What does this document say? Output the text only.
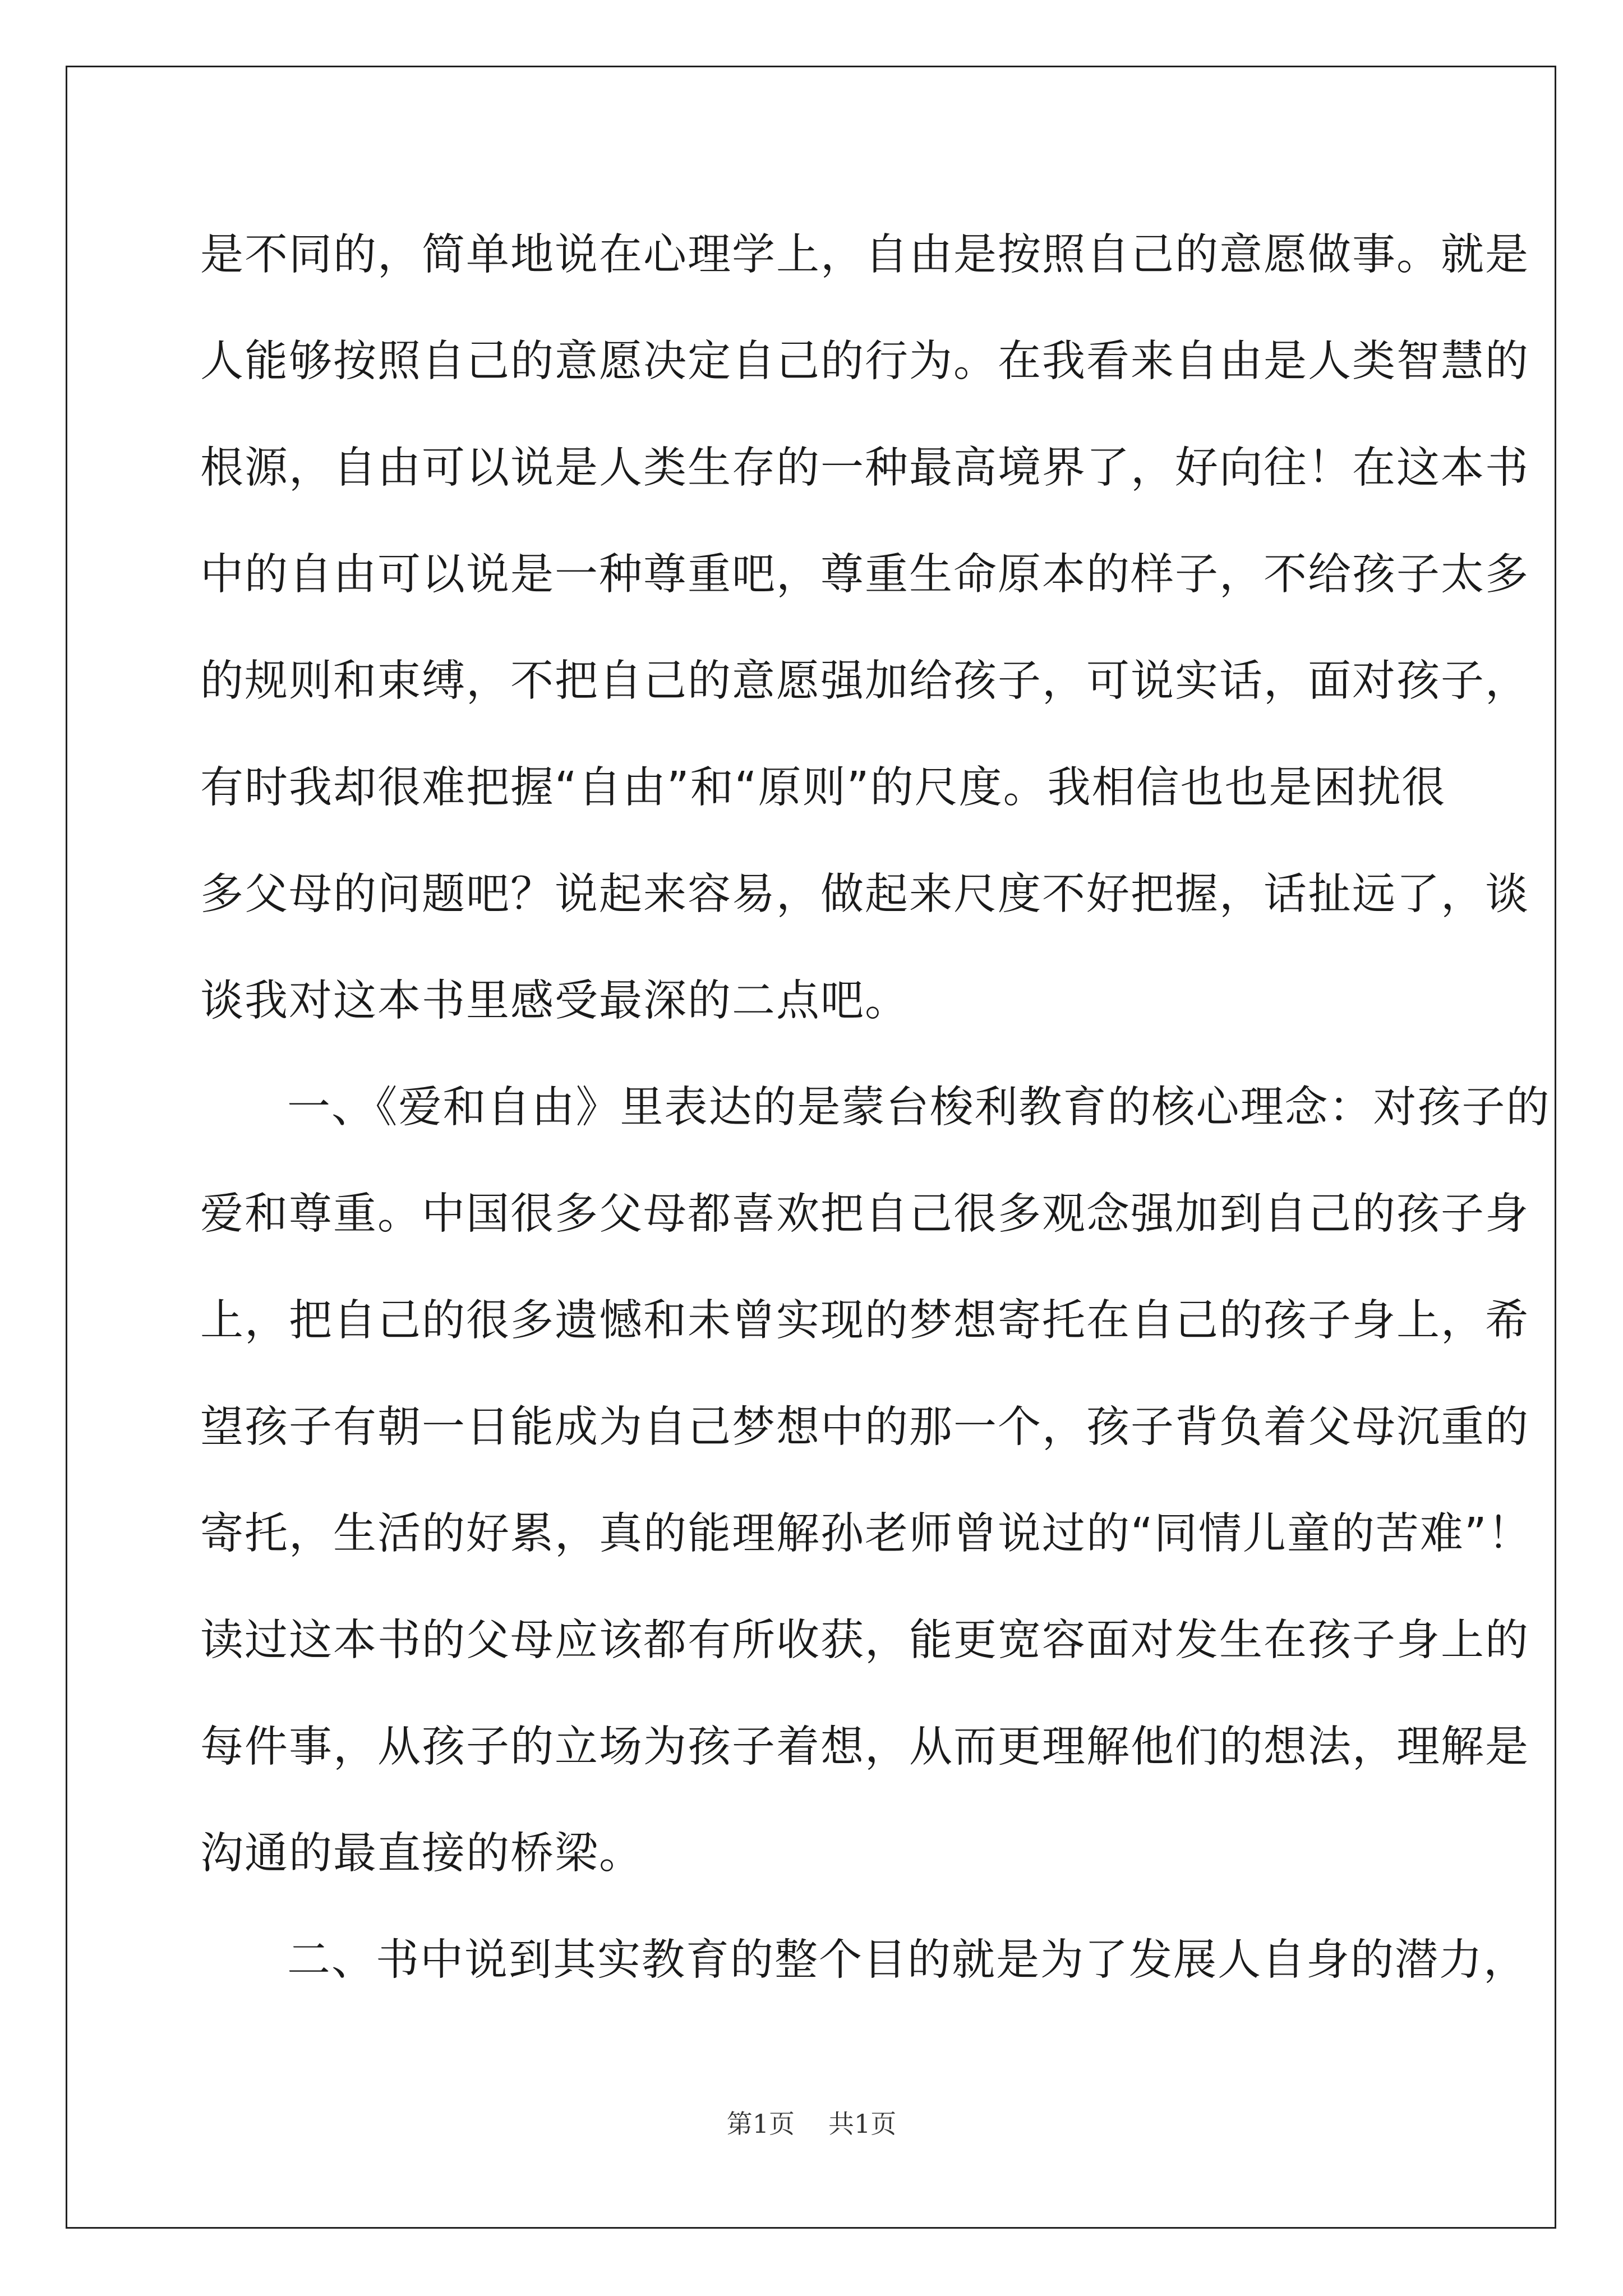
是不同的，简单地说在心理学上，自由是按照自己的意愿做事。就是
人能够按照自己的意愿决定自己的行为。在我看来自由是人类智慧的
根源，自由可以说是人类生存的一种最高境界了，好向往！在这本书
中的自由可以说是一种尊重吧，尊重生命原本的样子，不给孩子太多
的规则和束缚，不把自己的意愿强加给孩子，可说实话，面对孩子，
有时我却很难把握“自由”和“原则”的尺度。我相信也也是困扰很
多父母的问题吧？说起来容易，做起来尺度不好把握，话扯远了，谈
谈我对这本书里感受最深的二点吧。
一、《爱和自由》里表达的是蒙台梭利教育的核心理念：对孩子的
爱和尊重。中国很多父母都喜欢把自己很多观念强加到自己的孩子身
上，把自己的很多遗憾和未曾实现的梦想寄托在自己的孩子身上，希
望孩子有朝一日能成为自己梦想中的那一个，孩子背负着父母沉重的
寄托，生活的好累，真的能理解孙老师曾说过的“同情儿童的苦难”！
读过这本书的父母应该都有所收获，能更宽容面对发生在孩子身上的
每件事，从孩子的立场为孩子着想，从而更理解他们的想法，理解是
沟通的最直接的桥梁。
二、书中说到其实教育的整个目的就是为了发展人自身的潜力，
第1页 共1页
